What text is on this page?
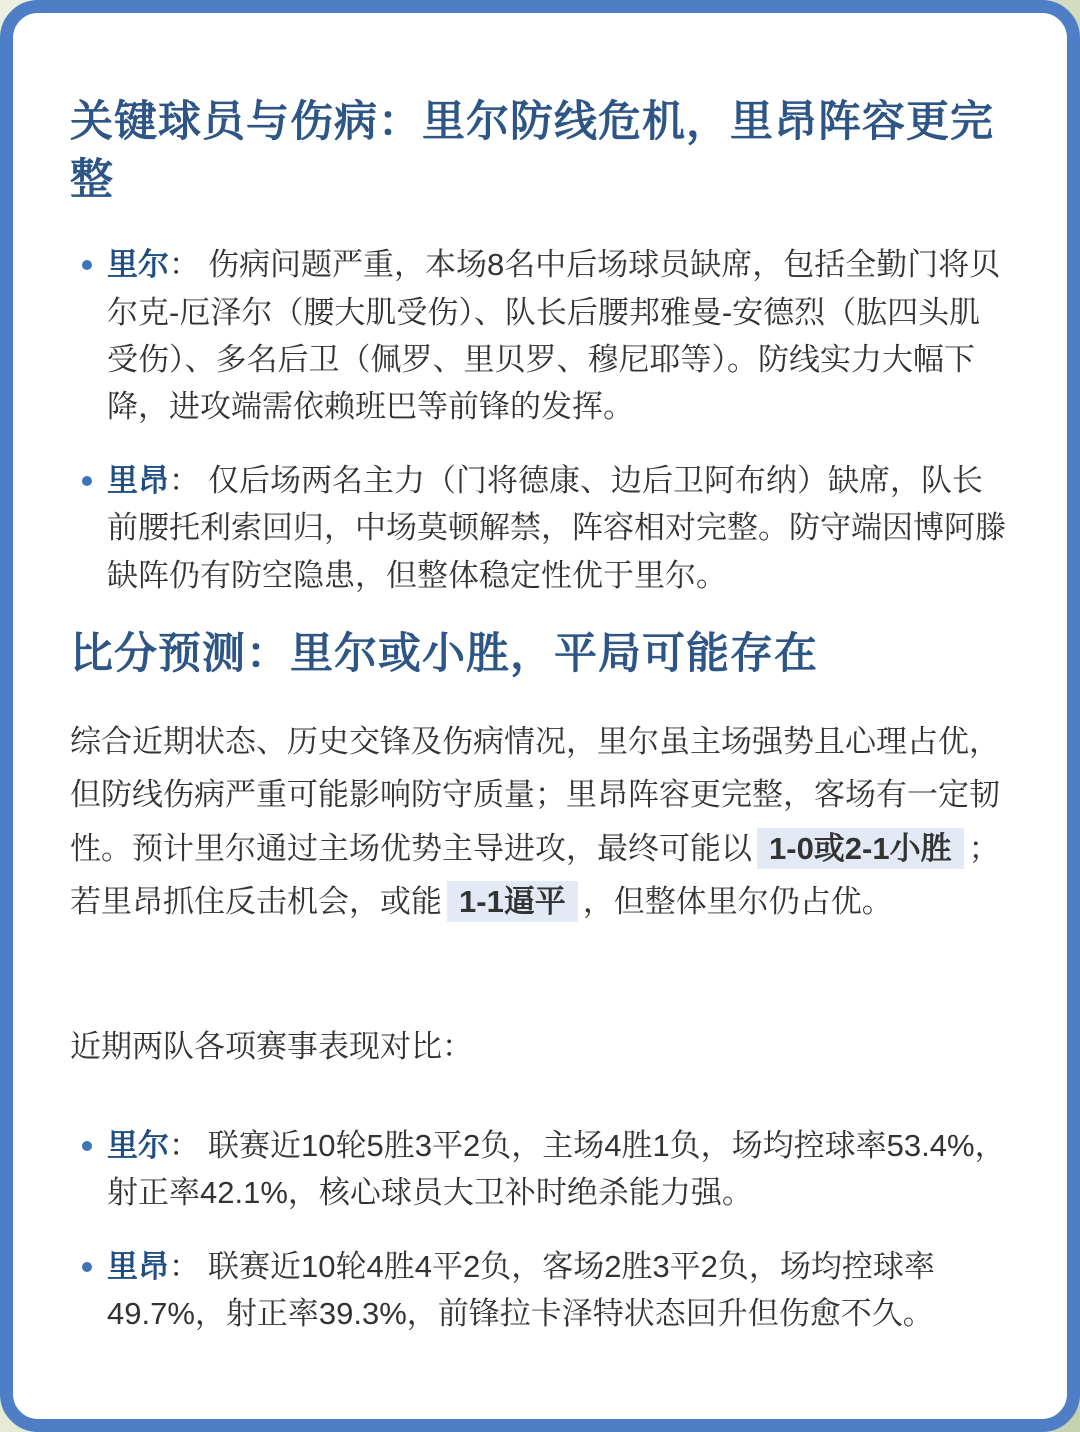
关键球员与伤病：里尔防线危机，里昂阵容更完整

里尔： 伤病问题严重，本场8名中后场球员缺席，包括全勤门将贝尔克-厄泽尔（腰大肌受伤）、队长后腰邦雅曼-安德烈（肱四头肌受伤）、多名后卫（佩罗、里贝罗、穆尼耶等）。防线实力大幅下降，进攻端需依赖班巴等前锋的发挥。

里昂： 仅后场两名主力（门将德康、边后卫阿布纳）缺席，队长前腰托利索回归，中场莫顿解禁，阵容相对完整。防守端因博阿滕缺阵仍有防空隐患，但整体稳定性优于里尔。

比分预测：里尔或小胜，平局可能存在

综合近期状态、历史交锋及伤病情况，里尔虽主场强势且心理占优，但防线伤病严重可能影响防守质量；里昂阵容更完整，客场有一定韧性。预计里尔通过主场优势主导进攻，最终可能以 1-0或2-1小胜 ；若里昂抓住反击机会，或能 1-1逼平 ，但整体里尔仍占优。

近期两队各项赛事表现对比：

里尔： 联赛近10轮5胜3平2负，主场4胜1负，场均控球率53.4%，射正率42.1%，核心球员大卫补时绝杀能力强。

里昂： 联赛近10轮4胜4平2负，客场2胜3平2负，场均控球率49.7%，射正率39.3%，前锋拉卡泽特状态回升但伤愈不久。
